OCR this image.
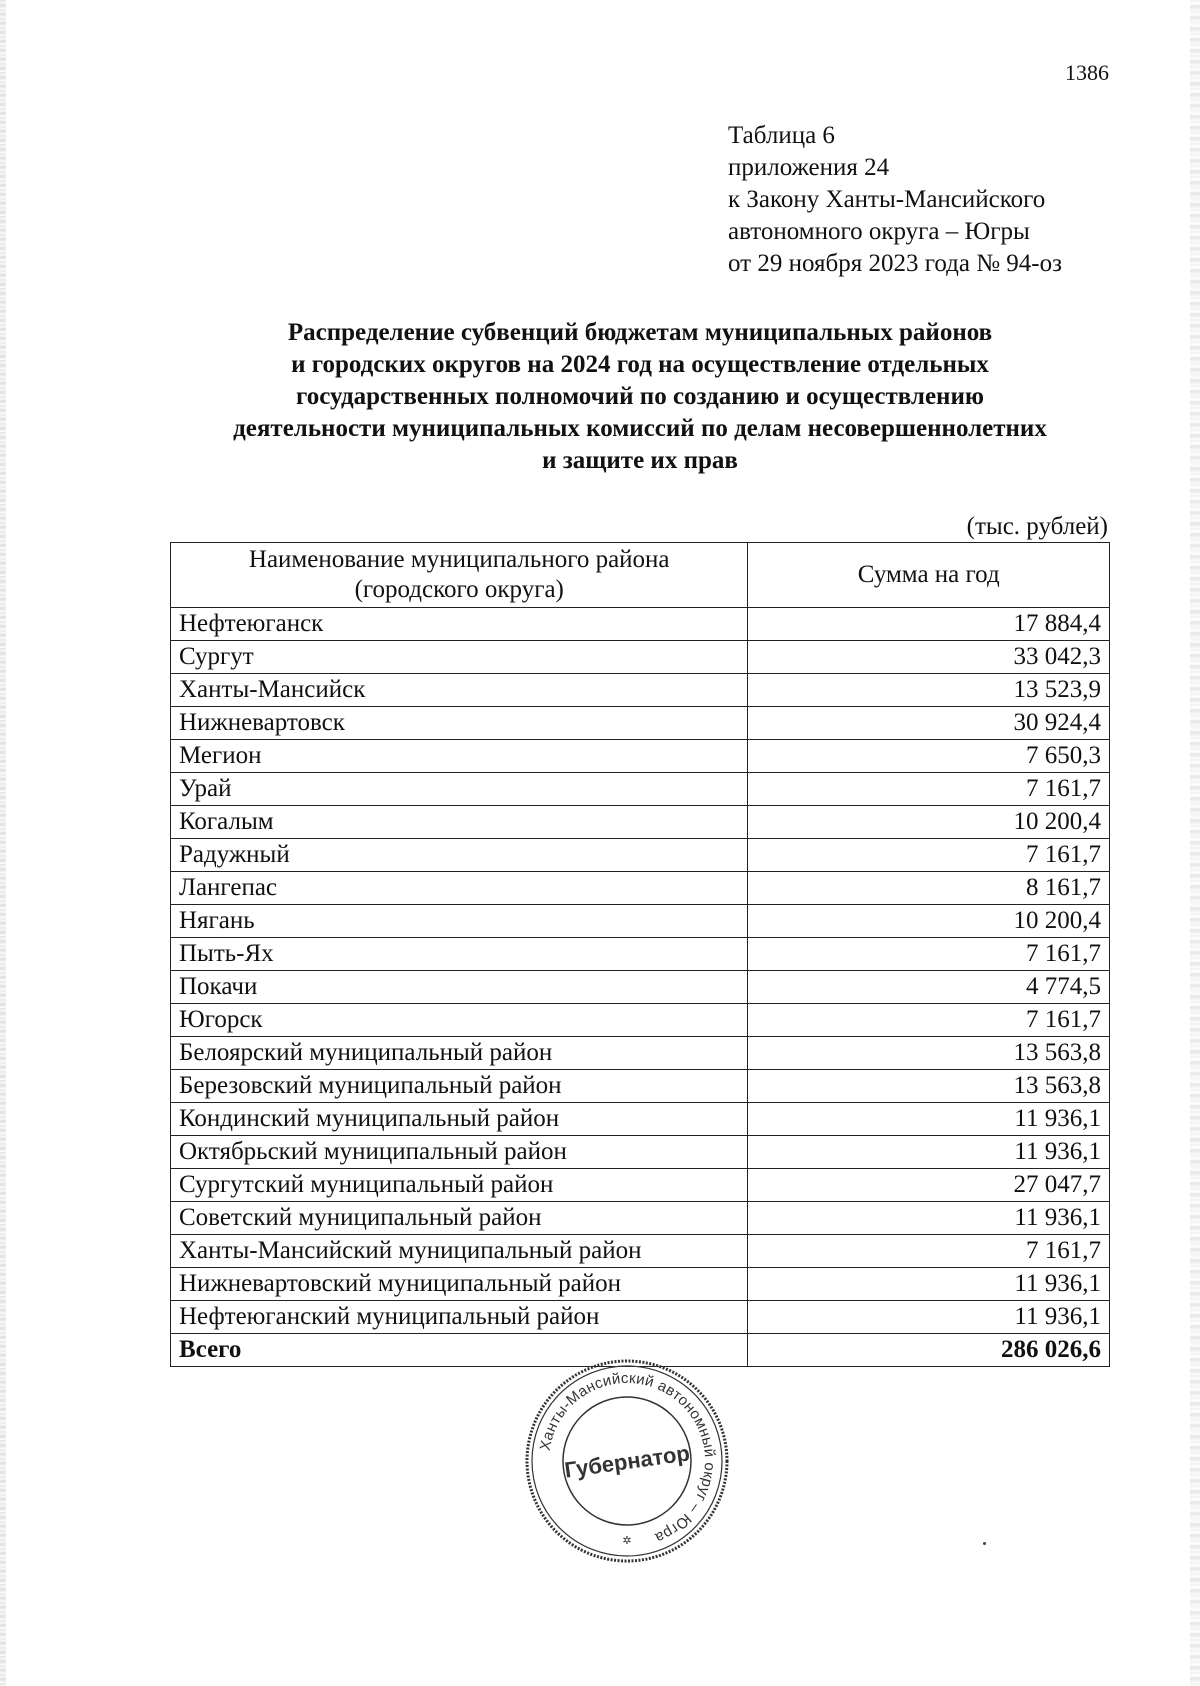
1386
Таблица 6
приложения 24
к Закону Ханты-Мансийского
автономного округа – Югры
от 29 ноября 2023 года № 94-оз
Распределение субвенций бюджетам муниципальных районов
и городских округов на 2024 год на осуществление отдельных
государственных полномочий по созданию и осуществлению
деятельности муниципальных комиссий по делам несовершеннолетних
и защите их прав
(тыс. рублей)
Наименование муниципального района
(городского округа)	Сумма на год
Нефтеюганск	17 884,4
Сургут	33 042,3
Ханты-Мансийск	13 523,9
Нижневартовск	30 924,4
Мегион	7 650,3
Урай	7 161,7
Когалым	10 200,4
Радужный	7 161,7
Лангепас	8 161,7
Нягань	10 200,4
Пыть-Ях	7 161,7
Покачи	4 774,5
Югорск	7 161,7
Белоярский муниципальный район	13 563,8
Березовский муниципальный район	13 563,8
Кондинский муниципальный район	11 936,1
Октябрьский муниципальный район	11 936,1
Сургутский муниципальный район	27 047,7
Советский муниципальный район	11 936,1
Ханты-Мансийский муниципальный район	7 161,7
Нижневартовский муниципальный район	11 936,1
Нефтеюганский муниципальный район	11 936,1
Всего	286 026,6
Ханты-Мансийский автономный округ – Югра
Губернатор
✲
